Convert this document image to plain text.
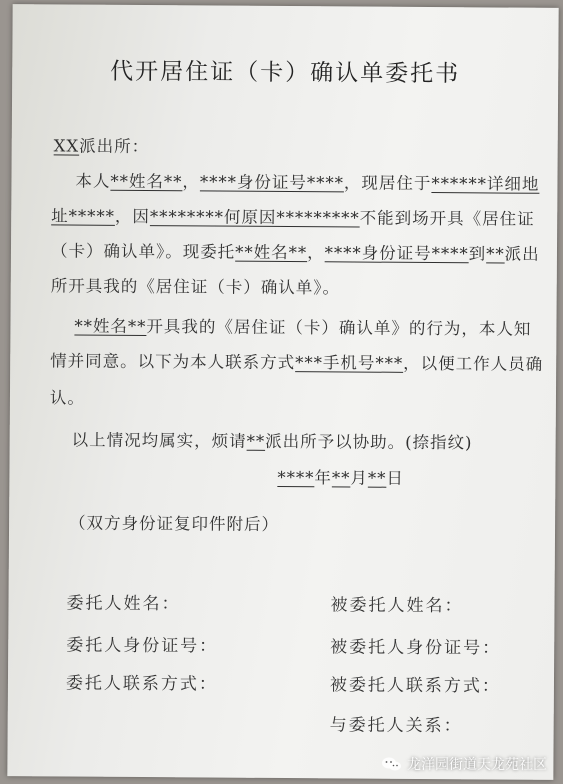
代开居住证（卡）确认单委托书
XX派出所：
本人**姓名**，****身份证号****，现居住于******详细地
址*****，因********何原因*********不能到场开具《居住证
（卡）确认单》。现委托**姓名**，****身份证号****到**派出
所开具我的《居住证（卡）确认单》。
**姓名**开具我的《居住证（卡）确认单》的行为，本人知
情并同意。以下为本人联系方式***手机号***，以便工作人员确
认。
以上情况均属实，烦请**派出所予以协助。(捺指纹)
****年**月**日
（双方身份证复印件附后）
委托人姓名：
委托人身份证号：
委托人联系方式：
被委托人姓名：
被委托人身份证号：
被委托人联系方式：
与委托人关系：
龙洋园街道天龙苑社区
